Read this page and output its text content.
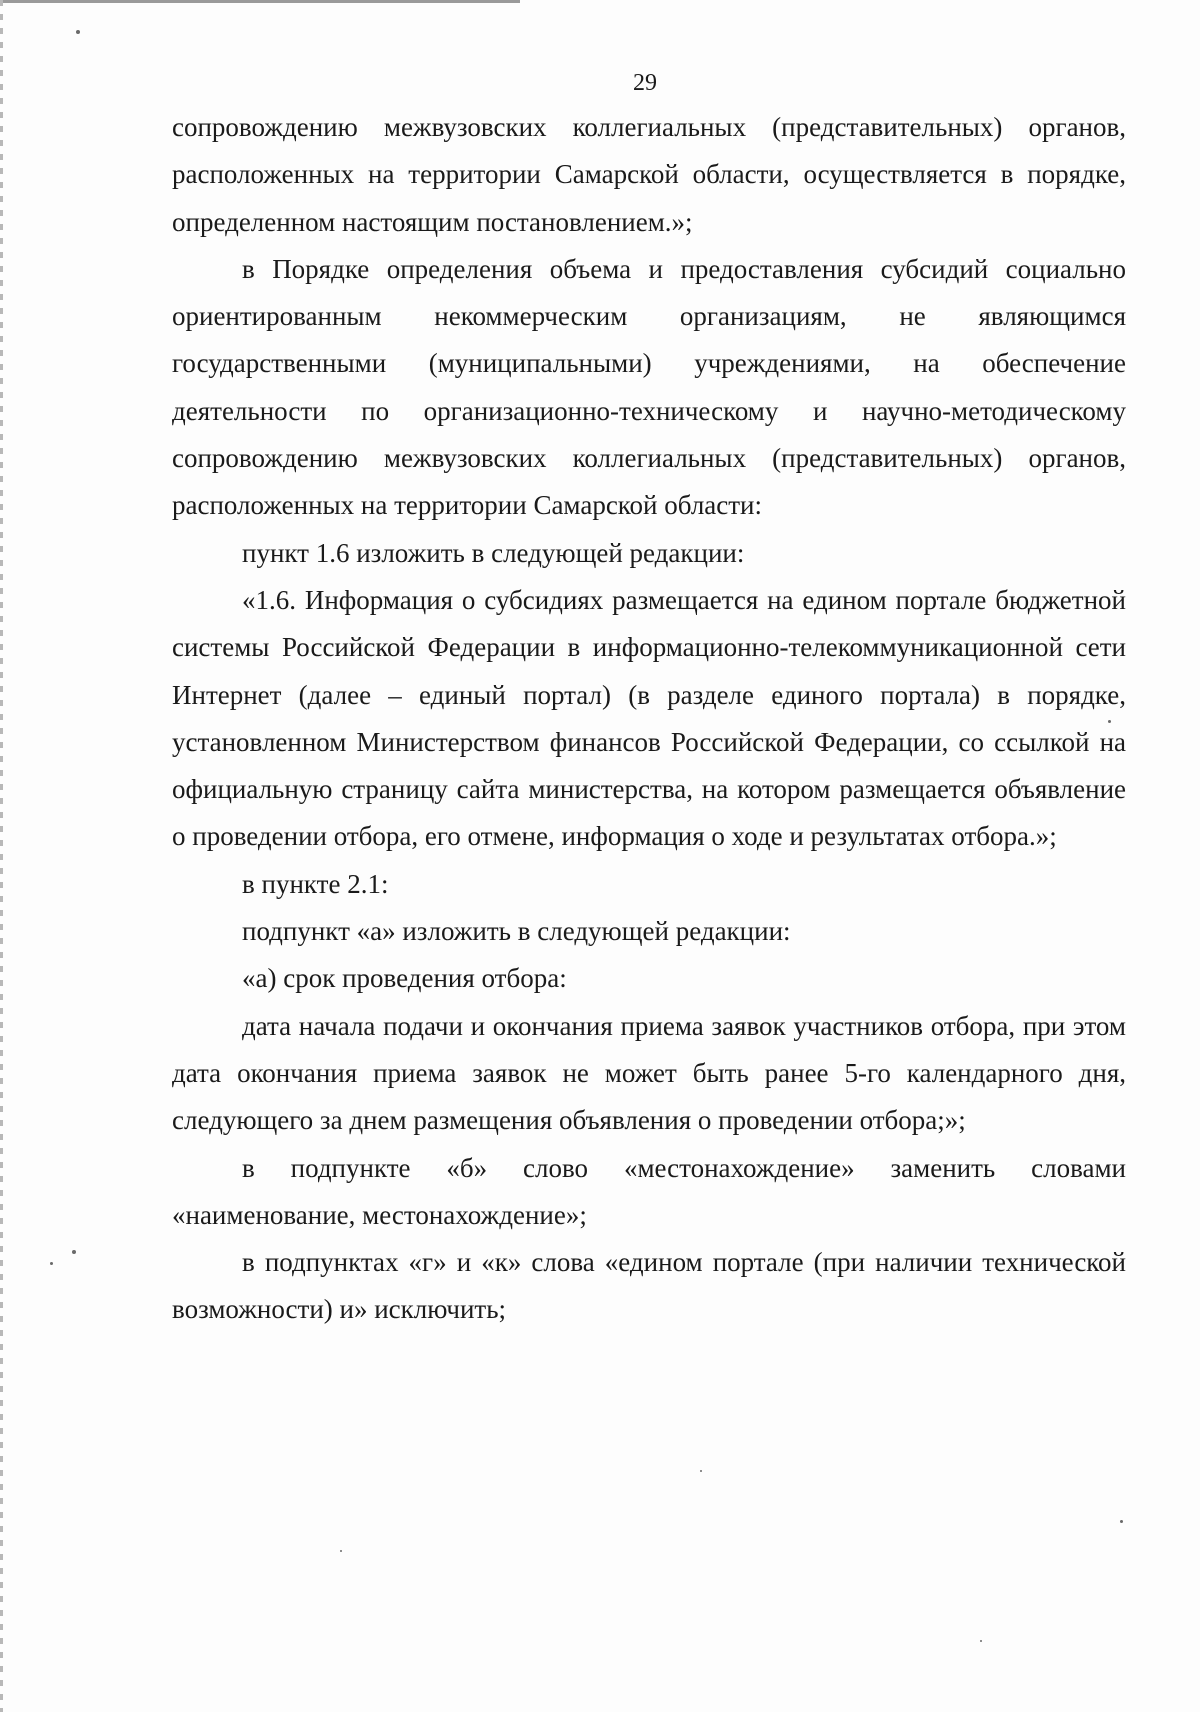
29

сопровождению межвузовских коллегиальных (представительных) органов, расположенных на территории Самарской области, осуществляется в порядке, определенном настоящим постановлением.»;

в Порядке определения объема и предоставления субсидий социально ориентированным некоммерческим организациям, не являющимся государственными (муниципальными) учреждениями, на обеспечение деятельности по организационно-техническому и научно-методическому сопровождению межвузовских коллегиальных (представительных) органов, расположенных на территории Самарской области:

пункт 1.6 изложить в следующей редакции:

«1.6. Информация о субсидиях размещается на едином портале бюджетной системы Российской Федерации в информационно-телекоммуникационной сети Интернет (далее – единый портал) (в разделе единого портала) в порядке, установленном Министерством финансов Российской Федерации, со ссылкой на официальную страницу сайта министерства, на котором размещается объявление о проведении отбора, его отмене, информация о ходе и результатах отбора.»;

в пункте 2.1:

подпункт «а» изложить в следующей редакции:

«а) срок проведения отбора:

дата начала подачи и окончания приема заявок участников отбора, при этом дата окончания приема заявок не может быть ранее 5-го календарного дня, следующего за днем размещения объявления о проведении отбора;»;

в подпункте «б» слово «местонахождение» заменить словами «наименование, местонахождение»;

в подпунктах «г» и «к» слова «едином портале (при наличии технической возможности) и» исключить;
